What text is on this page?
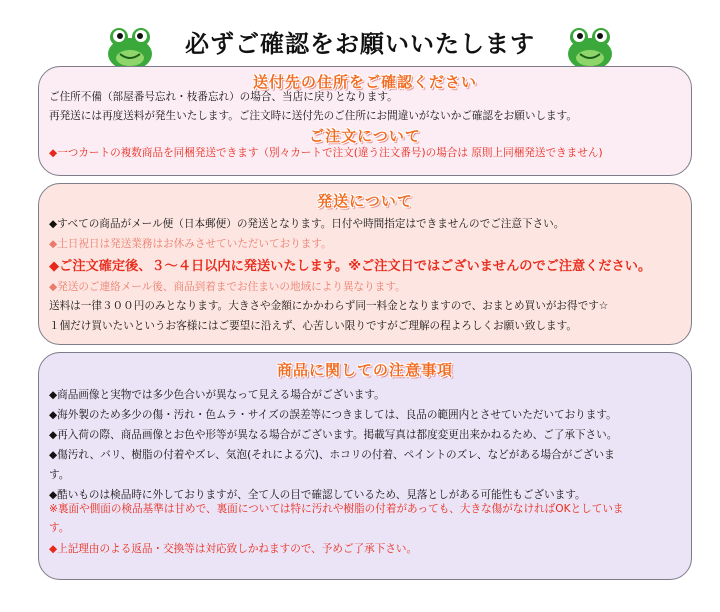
必ずご確認をお願いいたします
送付先の住所をご確認ください
ご住所不備（部屋番号忘れ・枝番忘れ）の場合、当店に戻りとなります。
再発送には再度送料が発生いたします。ご注文時に送付先のご住所にお間違いがないかご確認をお願いします。
ご注文について
◆一つカートの複数商品を同梱発送できます（別々カートで注文(違う注文番号)の場合は 原則上同梱発送できません)
発送について
◆すべての商品がメール便（日本郵便）の発送となります。日付や時間指定はできませんのでご注意下さい。
◆土日祝日は発送業務はお休みさせていただいております。
◆ご注文確定後、３～４日以内に発送いたします。※ご注文日ではございませんのでご注意ください。
◆発送のご連絡メール後、商品到着までお住まいの地域により異なります。
送料は一律３００円のみとなります。大きさや金額にかかわらず同一料金となりますので、おまとめ買いがお得です☆
１個だけ買いたいというお客様にはご要望に沿えず、心苦しい限りですがご理解の程よろしくお願い致します。
商品に関しての注意事項
◆商品画像と実物では多少色合いが異なって見える場合がございます。
◆海外製のため多少の傷・汚れ・色ムラ・サイズの誤差等につきましては、良品の範囲内とさせていただいております。
◆再入荷の際、商品画像とお色や形等が異なる場合がございます。掲載写真は都度変更出来かねるため、ご了承下さい。
◆傷汚れ、バリ、樹脂の付着やズレ、気泡(それによる穴)、ホコリの付着、ペイントのズレ、などがある場合がございま
す。
◆酷いものは検品時に外しておりますが、全て人の目で確認しているため、見落としがある可能性もございます。
※裏面や側面の検品基準は甘めで、裏面については特に汚れや樹脂の付着があっても、大きな傷がなければOKとしていま
す。
◆上記理由のよる返品・交換等は対応致しかねますので、予めご了承下さい。
